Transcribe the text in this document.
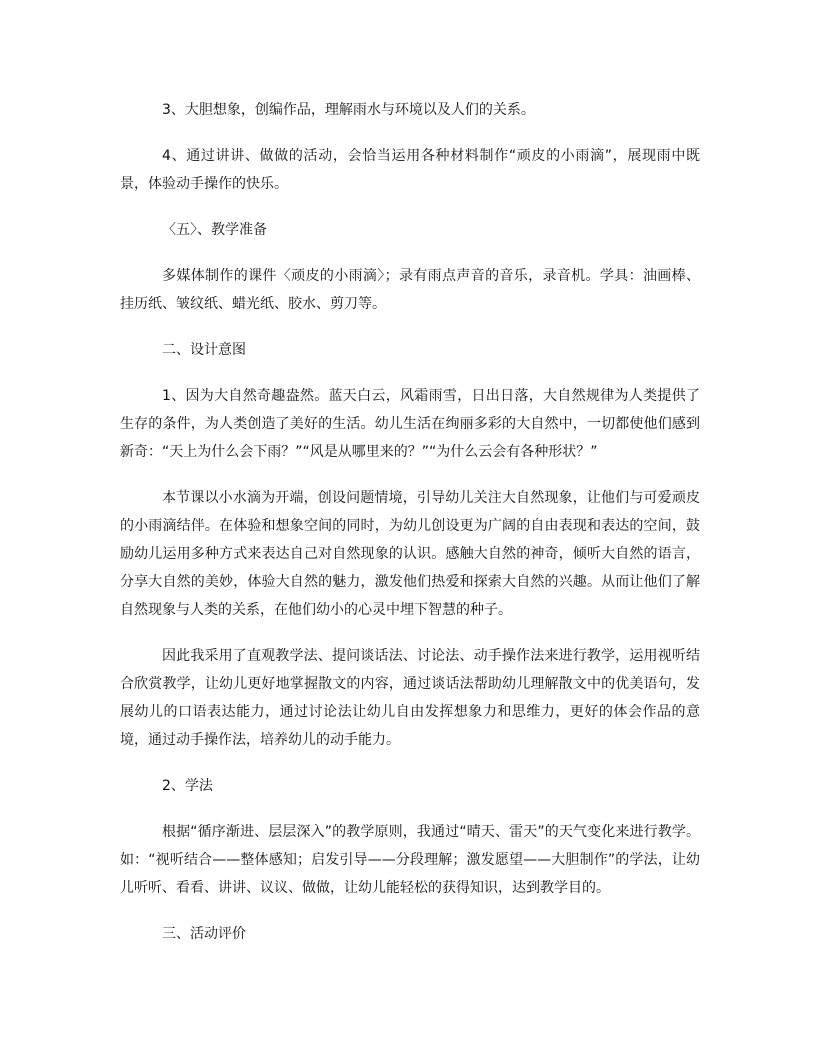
3、大胆想象，创编作品，理解雨水与环境以及人们的关系。

4、通过讲讲、做做的活动，会恰当运用各种材料制作“顽皮的小雨滴”，展现雨中既景，体验动手操作的快乐。

〈五〉、教学准备

多媒体制作的课件〈顽皮的小雨滴〉；录有雨点声音的音乐，录音机。学具：油画棒、挂历纸、皱纹纸、蜡光纸、胶水、剪刀等。

二、设计意图

1、因为大自然奇趣盎然。蓝天白云，风霜雨雪，日出日落，大自然规律为人类提供了生存的条件，为人类创造了美好的生活。幼儿生活在绚丽多彩的大自然中，一切都使他们感到新奇：“天上为什么会下雨？”“风是从哪里来的？”“为什么云会有各种形状？”

本节课以小水滴为开端，创设问题情境，引导幼儿关注大自然现象，让他们与可爱顽皮的小雨滴结伴。在体验和想象空间的同时，为幼儿创设更为广阔的自由表现和表达的空间，鼓励幼儿运用多种方式来表达自己对自然现象的认识。感触大自然的神奇，倾听大自然的语言，分享大自然的美妙，体验大自然的魅力，激发他们热爱和探索大自然的兴趣。从而让他们了解自然现象与人类的关系，在他们幼小的心灵中埋下智慧的种子。

因此我采用了直观教学法、提问谈话法、讨论法、动手操作法来进行教学，运用视听结合欣赏教学，让幼儿更好地掌握散文的内容，通过谈话法帮助幼儿理解散文中的优美语句，发展幼儿的口语表达能力，通过讨论法让幼儿自由发挥想象力和思维力，更好的体会作品的意境，通过动手操作法，培养幼儿的动手能力。

2、学法

根据“循序渐进、层层深入”的教学原则，我通过“晴天、雷天”的天气变化来进行教学。如：“视听结合——整体感知；启发引导——分段理解；激发愿望——大胆制作”的学法，让幼儿听听、看看、讲讲、议议、做做，让幼儿能轻松的获得知识，达到教学目的。

三、活动评价
